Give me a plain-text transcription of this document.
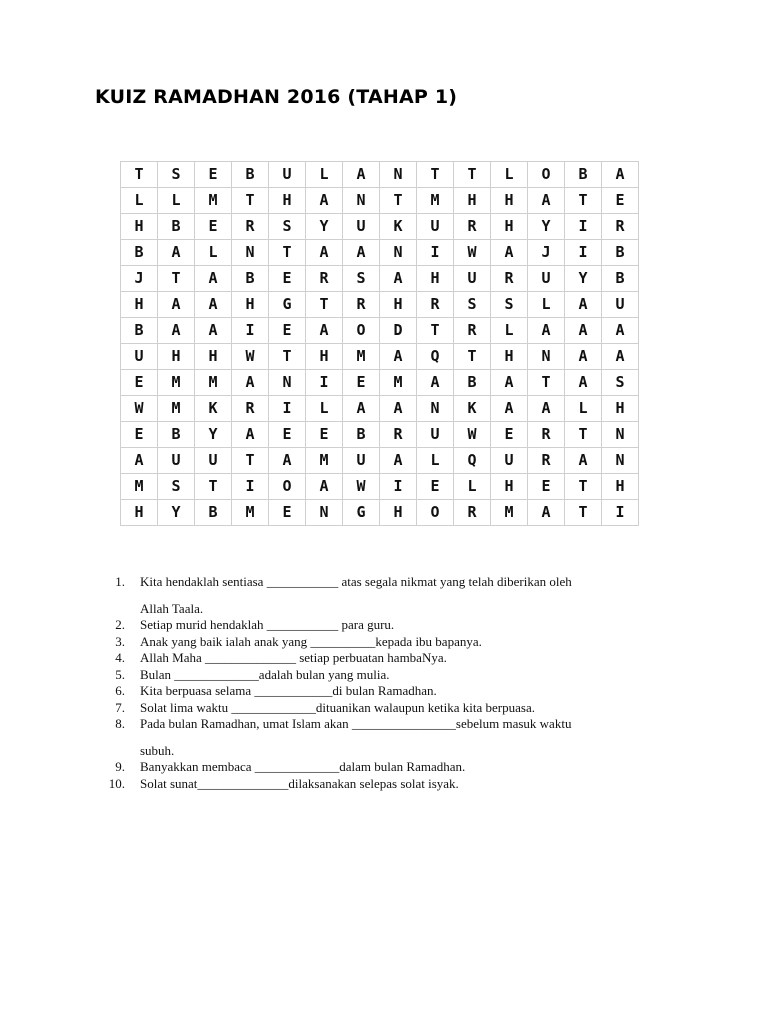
KUIZ RAMADHAN 2016 (TAHAP 1)
T	S	E	B	U	L	A	N	T	T	L	O	B	A
L	L	M	T	H	A	N	T	M	H	H	A	T	E
H	B	E	R	S	Y	U	K	U	R	H	Y	I	R
B	A	L	N	T	A	A	N	I	W	A	J	I	B
J	T	A	B	E	R	S	A	H	U	R	U	Y	B
H	A	A	H	G	T	R	H	R	S	S	L	A	U
B	A	A	I	E	A	O	D	T	R	L	A	A	A
U	H	H	W	T	H	M	A	Q	T	H	N	A	A
E	M	M	A	N	I	E	M	A	B	A	T	A	S
W	M	K	R	I	L	A	A	N	K	A	A	L	H
E	B	Y	A	E	E	B	R	U	W	E	R	T	N
A	U	U	T	A	M	U	A	L	Q	U	R	A	N
M	S	T	I	O	A	W	I	E	L	H	E	T	H
H	Y	B	M	E	N	G	H	O	R	M	A	T	I
1. Kita hendaklah sentiasa ___________ atas segala nikmat yang telah diberikan oleh
Allah Taala.
2. Setiap murid hendaklah ___________ para guru.
3. Anak yang baik ialah anak yang __________kepada ibu bapanya.
4. Allah Maha ______________ setiap perbuatan hambaNya.
5. Bulan _____________adalah bulan yang mulia.
6. Kita berpuasa selama ____________di bulan Ramadhan.
7. Solat lima waktu _____________dituanikan walaupun ketika kita berpuasa.
8. Pada bulan Ramadhan, umat Islam akan ________________sebelum masuk waktu
subuh.
9. Banyakkan membaca _____________dalam bulan Ramadhan.
10. Solat sunat______________dilaksanakan selepas solat isyak.
